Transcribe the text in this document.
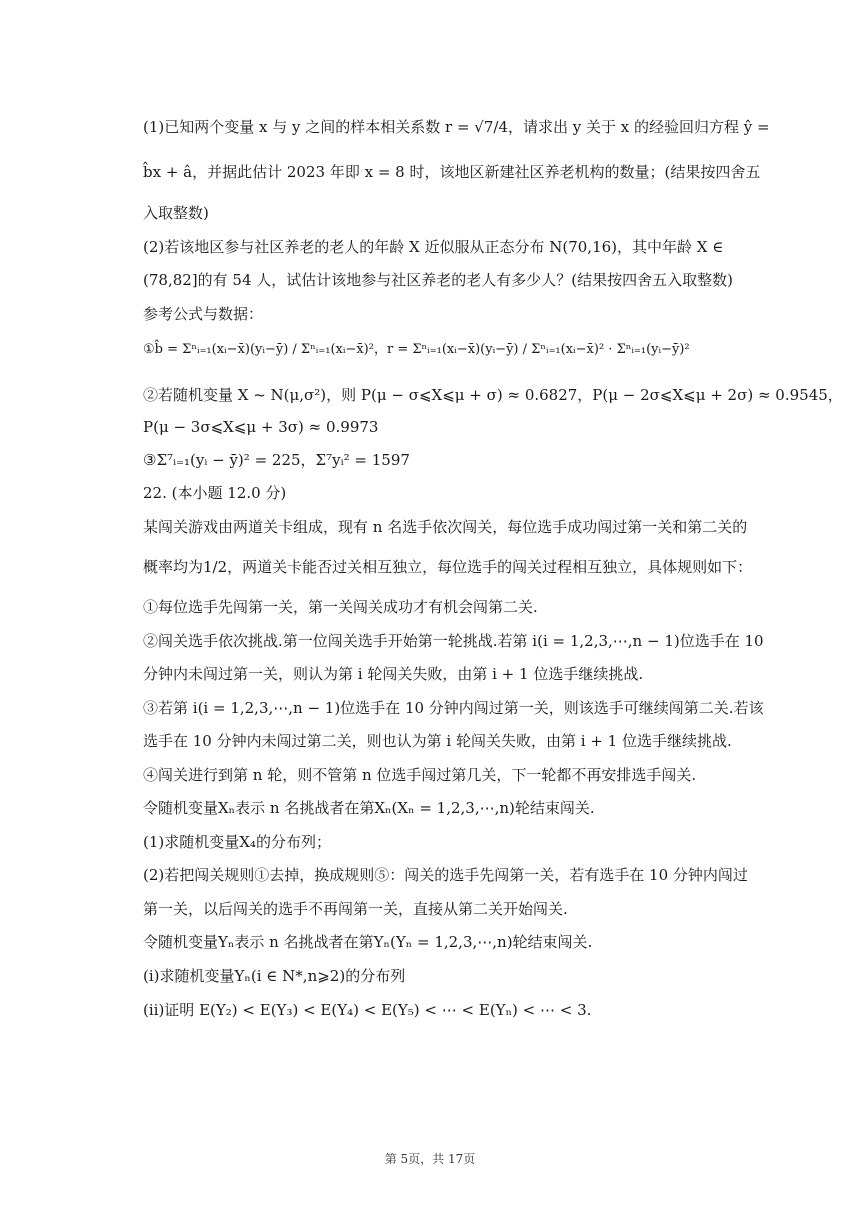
(1)已知两个变量 x 与 y 之间的样本相关系数 r = √7/4，请求出 y 关于 x 的经验回归方程 ŷ =
b̂x + â，并据此估计 2023 年即 x = 8 时，该地区新建社区养老机构的数量；(结果按四舍五
入取整数)
(2)若该地区参与社区养老的老人的年龄 X 近似服从正态分布 N(70,16)，其中年龄 X ∈
(78,82]的有 54 人，试估计该地参与社区养老的老人有多少人？(结果按四舍五入取整数)
参考公式与数据：
①b̂ = Σⁿᵢ₌₁(xᵢ−x̄)(yᵢ−ȳ) / Σⁿᵢ₌₁(xᵢ−x̄)²，r = Σⁿᵢ₌₁(xᵢ−x̄)(yᵢ−ȳ) / Σⁿᵢ₌₁(xᵢ−x̄)² · Σⁿᵢ₌₁(yᵢ−ȳ)²
②若随机变量 X ~ N(μ,σ²)，则 P(μ − σ⩽X⩽μ + σ) ≈ 0.6827，P(μ − 2σ⩽X⩽μ + 2σ) ≈ 0.9545，
P(μ − 3σ⩽X⩽μ + 3σ) ≈ 0.9973
③Σ⁷ᵢ₌₁(yᵢ − ȳ)² = 225，Σ⁷yᵢ² = 1597
22. (本小题 12.0 分)
某闯关游戏由两道关卡组成，现有 n 名选手依次闯关，每位选手成功闯过第一关和第二关的
概率均为1/2，两道关卡能否过关相互独立，每位选手的闯关过程相互独立，具体规则如下：
①每位选手先闯第一关，第一关闯关成功才有机会闯第二关.
②闯关选手依次挑战.第一位闯关选手开始第一轮挑战.若第 i(i = 1,2,3,⋯,n − 1)位选手在 10
分钟内未闯过第一关，则认为第 i 轮闯关失败，由第 i + 1 位选手继续挑战.
③若第 i(i = 1,2,3,⋯,n − 1)位选手在 10 分钟内闯过第一关，则该选手可继续闯第二关.若该
选手在 10 分钟内未闯过第二关，则也认为第 i 轮闯关失败，由第 i + 1 位选手继续挑战.
④闯关进行到第 n 轮，则不管第 n 位选手闯过第几关，下一轮都不再安排选手闯关.
令随机变量Xₙ表示 n 名挑战者在第Xₙ(Xₙ = 1,2,3,⋯,n)轮结束闯关.
(1)求随机变量X₄的分布列；
(2)若把闯关规则①去掉，换成规则⑤：闯关的选手先闯第一关，若有选手在 10 分钟内闯过
第一关，以后闯关的选手不再闯第一关，直接从第二关开始闯关.
令随机变量Yₙ表示 n 名挑战者在第Yₙ(Yₙ = 1,2,3,⋯,n)轮结束闯关.
(ⅰ)求随机变量Yₙ(i ∈ N*,n⩾2)的分布列
(ⅱ)证明 E(Y₂) < E(Y₃) < E(Y₄) < E(Y₅) < ⋯ < E(Yₙ) < ⋯ < 3.
第 5页，共 17页
